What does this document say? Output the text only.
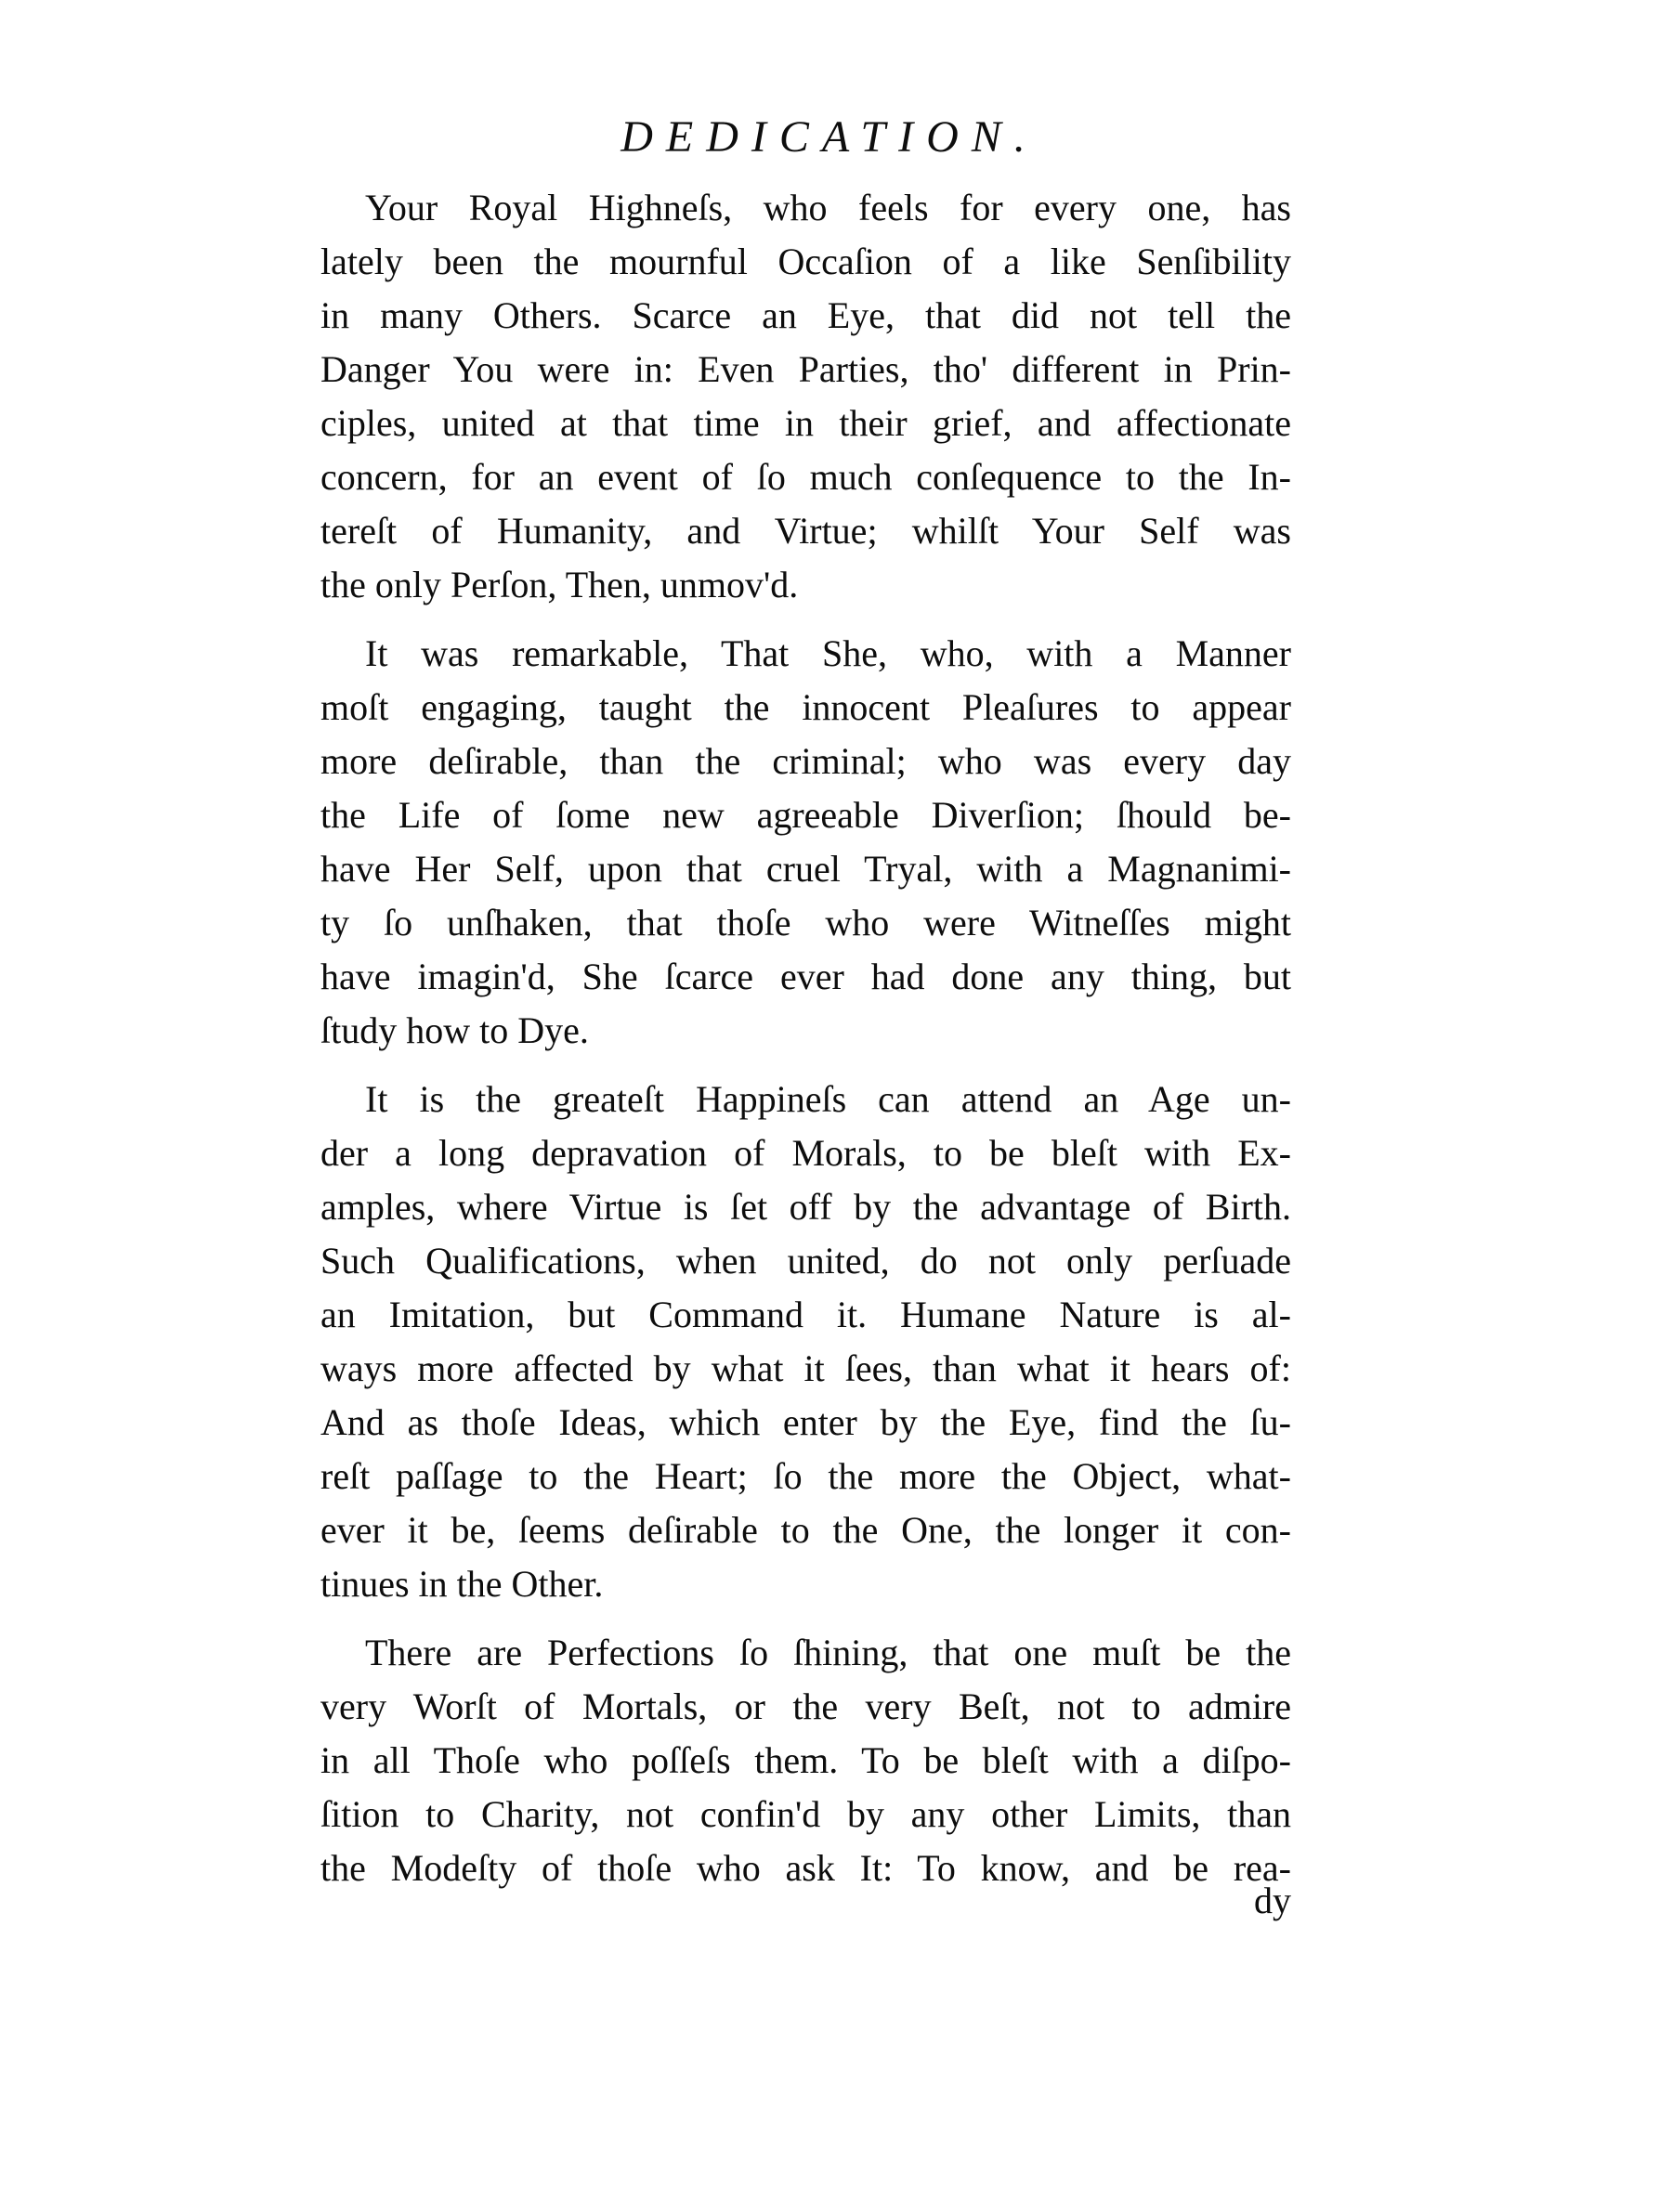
DEDICATION.
Your Royal Highneſs, who feels for every one, has
lately been the mournful Occaſion of a like Senſibility
in many Others. Scarce an Eye, that did not tell the
Danger You were in: Even Parties, tho' different in Prin-
ciples, united at that time in their grief, and affectionate
concern, for an event of ſo much conſequence to the In-
tereſt of Humanity, and Virtue; whilſt Your Self was
the only Perſon, Then, unmov'd.
It was remarkable, That She, who, with a Manner
moſt engaging, taught the innocent Pleaſures to appear
more deſirable, than the criminal; who was every day
the Life of ſome new agreeable Diverſion; ſhould be-
have Her Self, upon that cruel Tryal, with a Magnanimi-
ty ſo unſhaken, that thoſe who were Witneſſes might
have imagin'd, She ſcarce ever had done any thing, but
ſtudy how to Dye.
It is the greateſt Happineſs can attend an Age un-
der a long depravation of Morals, to be bleſt with Ex-
amples, where Virtue is ſet off by the advantage of Birth.
Such Qualifications, when united, do not only perſuade
an Imitation, but Command it. Humane Nature is al-
ways more affected by what it ſees, than what it hears of:
And as thoſe Ideas, which enter by the Eye, find the ſu-
reſt paſſage to the Heart; ſo the more the Object, what-
ever it be, ſeems deſirable to the One, the longer it con-
tinues in the Other.
There are Perfections ſo ſhining, that one muſt be the
very Worſt of Mortals, or the very Beſt, not to admire
in all Thoſe who poſſeſs them. To be bleſt with a diſpo-
ſition to Charity, not confin'd by any other Limits, than
the Modeſty of thoſe who ask It: To know, and be rea-
dy
